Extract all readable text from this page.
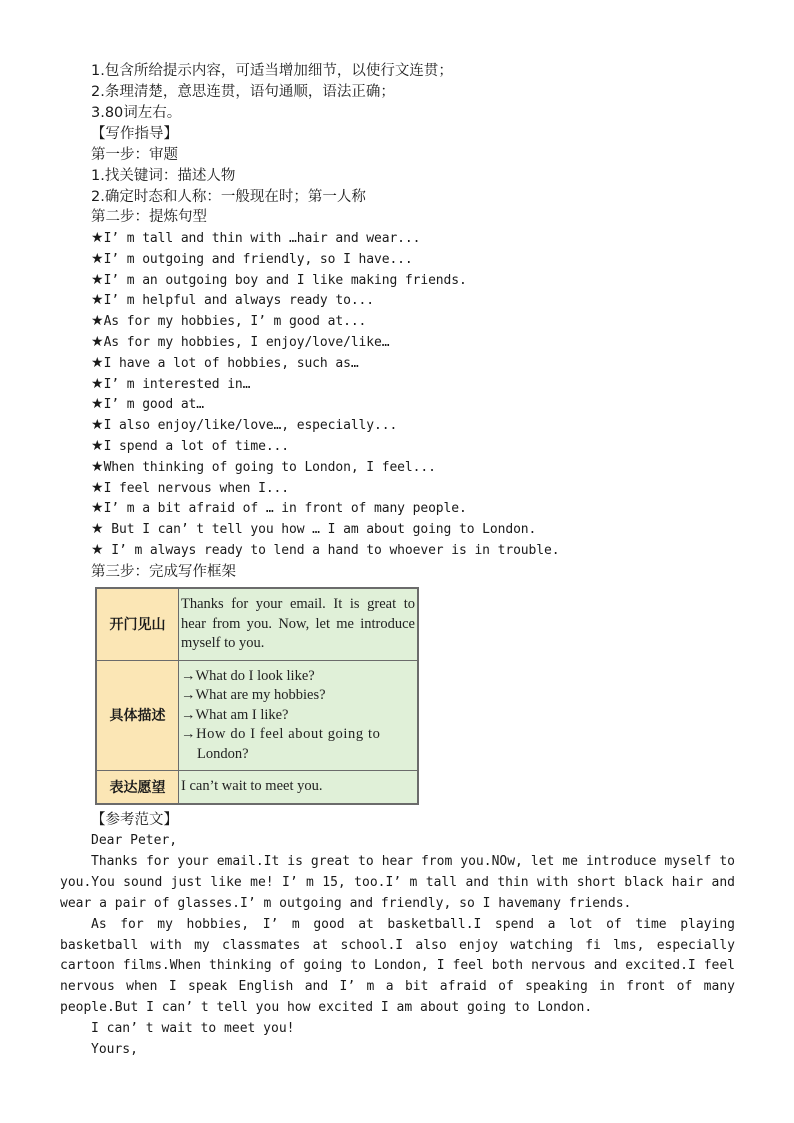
1.包含所给提示内容，可适当增加细节，以使行文连贯；
2.条理清楚，意思连贯，语句通顺，语法正确；
3.80词左右。
【写作指导】
第一步：审题
1.找关键词：描述人物
2.确定时态和人称：一般现在时；第一人称
第二步：提炼句型
★I’ m tall and thin with …hair and wear...
★I’ m outgoing and friendly, so I have...
★I’ m an outgoing boy and I like making friends.
★I’ m helpful and always ready to...
★As for my hobbies, I’ m good at...
★As for my hobbies, I enjoy/love/like…
★I have a lot of hobbies, such as…
★I’ m interested in…
★I’ m good at…
★I also enjoy/like/love…, especially...
★I spend a lot of time...
★When thinking of going to London, I feel...
★I feel nervous when I...
★I’ m a bit afraid of … in front of many people.
★ But I can’ t tell you how … I am about going to London.
★ I’ m always ready to lend a hand to whoever is in trouble.
第三步：完成写作框架
开门见山	Thanks for your email. It is great to hear from you. Now, let me introduce myself to you.
具体描述	→What do I look like?
→What are my hobbies?
→What am I like?
→How do I feel about going to
London?

表达愿望	I can’t wait to meet you.
【参考范文】

Dear Peter,

Thanks for your email.It is great to hear from you.NOw, let me introduce myself to you.You sound just like me! I’ m 15, too.I’ m tall and thin with short black hair and wear a pair of glasses.I’ m outgoing and friendly, so I havemany friends.

As for my hobbies, I’ m good at basketball.I spend a lot of time playing basketball with my classmates at school.I also enjoy watching fi lms, especially cartoon films.When thinking of going to London, I feel both nervous and excited.I feel nervous when I speak English and I’ m a bit afraid of speaking in front of many people.But I can’ t tell you how excited I am about going to London.

I can’ t wait to meet you!

Yours,
